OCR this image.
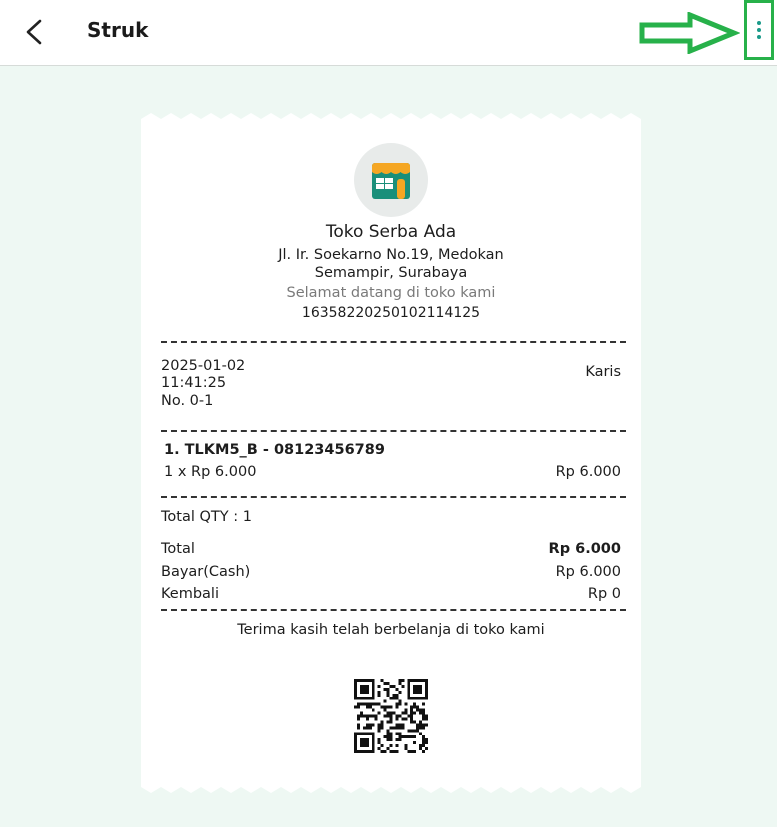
Struk
Toko Serba Ada
Jl. Ir. Soekarno No.19, Medokan
Semampir, Surabaya
Selamat datang di toko kami
16358220250102114125
2025-01-02
11:41:25
No. 0-1
Karis
1. TLKM5_B - 08123456789
1 x Rp 6.000	Rp 6.000
Total QTY : 1
Total	Rp 6.000
Bayar(Cash)	Rp 6.000
Kembali	Rp 0
Terima kasih telah berbelanja di toko kami
